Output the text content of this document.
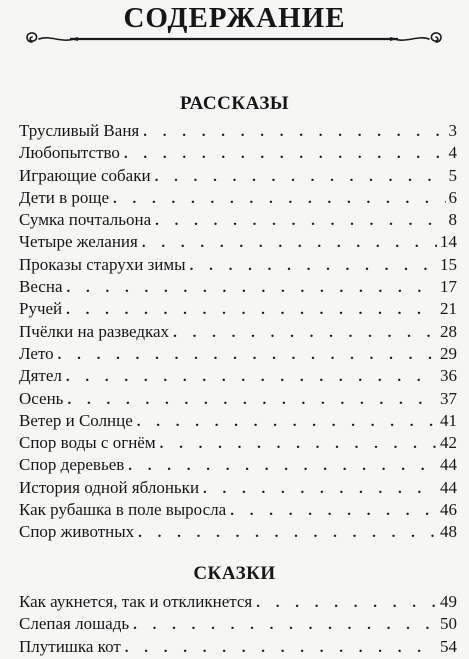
СОДЕРЖАНИЕ
РАССКАЗЫ
Трусливый Ваня . . .	3
Любопытство . . .	4
Играющие собаки . . .	5
Дети в роще . . .	6
Сумка почтальона . . .	8
Четыре желания . . .	14
Проказы старухи зимы . . .	15
Весна . . .	17
Ручей . . .	21
Пчёлки на разведках . . .	28
Лето . . .	29
Дятел . . .	36
Осень . . .	37
Ветер и Солнце . . .	41
Спор воды с огнём . . .	42
Спор деревьев . . .	44
История одной яблоньки . . .	44
Как рубашка в поле выросла . . .	46
Спор животных . . .	48
СКАЗКИ
Как аукнется, так и откликнется . . .	49
Слепая лошадь . . .	50
Плутишка кот . . .	54
